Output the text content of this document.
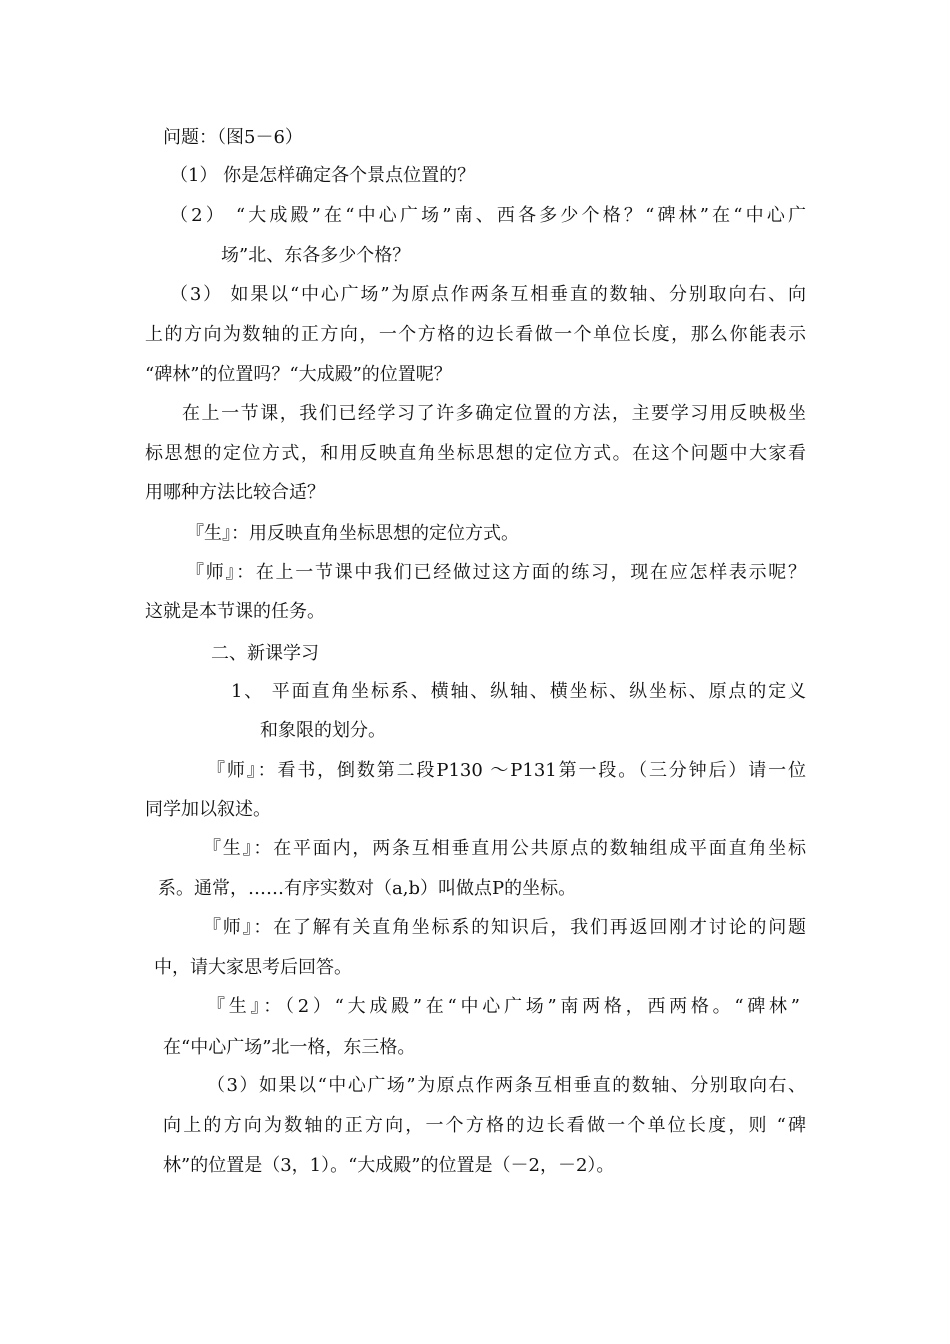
问题：（图5－6）
（1） 你是怎样确定各个景点位置的？
（2） “大成殿”在“中心广场”南、西各多少个格？“碑林”在“中心广
场”北、东各多少个格？
（3） 如果以“中心广场”为原点作两条互相垂直的数轴、分别取向右、向
上的方向为数轴的正方向，一个方格的边长看做一个单位长度，那么你能表示
“碑林”的位置吗？“大成殿”的位置呢？
在上一节课，我们已经学习了许多确定位置的方法，主要学习用反映极坐
标思想的定位方式，和用反映直角坐标思想的定位方式。在这个问题中大家看
用哪种方法比较合适？
『生』：用反映直角坐标思想的定位方式。
『师』：在上一节课中我们已经做过这方面的练习，现在应怎样表示呢？
这就是本节课的任务。
二、新课学习
1、 平面直角坐标系、横轴、纵轴、横坐标、纵坐标、原点的定义
和象限的划分。
『师』：看书，倒数第二段P130 ～P131第一段。（三分钟后）请一位
同学加以叙述。
『生』：在平面内，两条互相垂直用公共原点的数轴组成平面直角坐标
系。通常，……有序实数对（a,b）叫做点P的坐标。
『师』：在了解有关直角坐标系的知识后，我们再返回刚才讨论的问题
中，请大家思考后回答。
『生』：（2）“大成殿”在“中心广场”南两格，西两格。“碑林”
在“中心广场”北一格，东三格。
（3）如果以“中心广场”为原点作两条互相垂直的数轴、分别取向右、
向上的方向为数轴的正方向，一个方格的边长看做一个单位长度，则 “碑
林”的位置是（3，1）。“大成殿”的位置是（－2，－2）。
